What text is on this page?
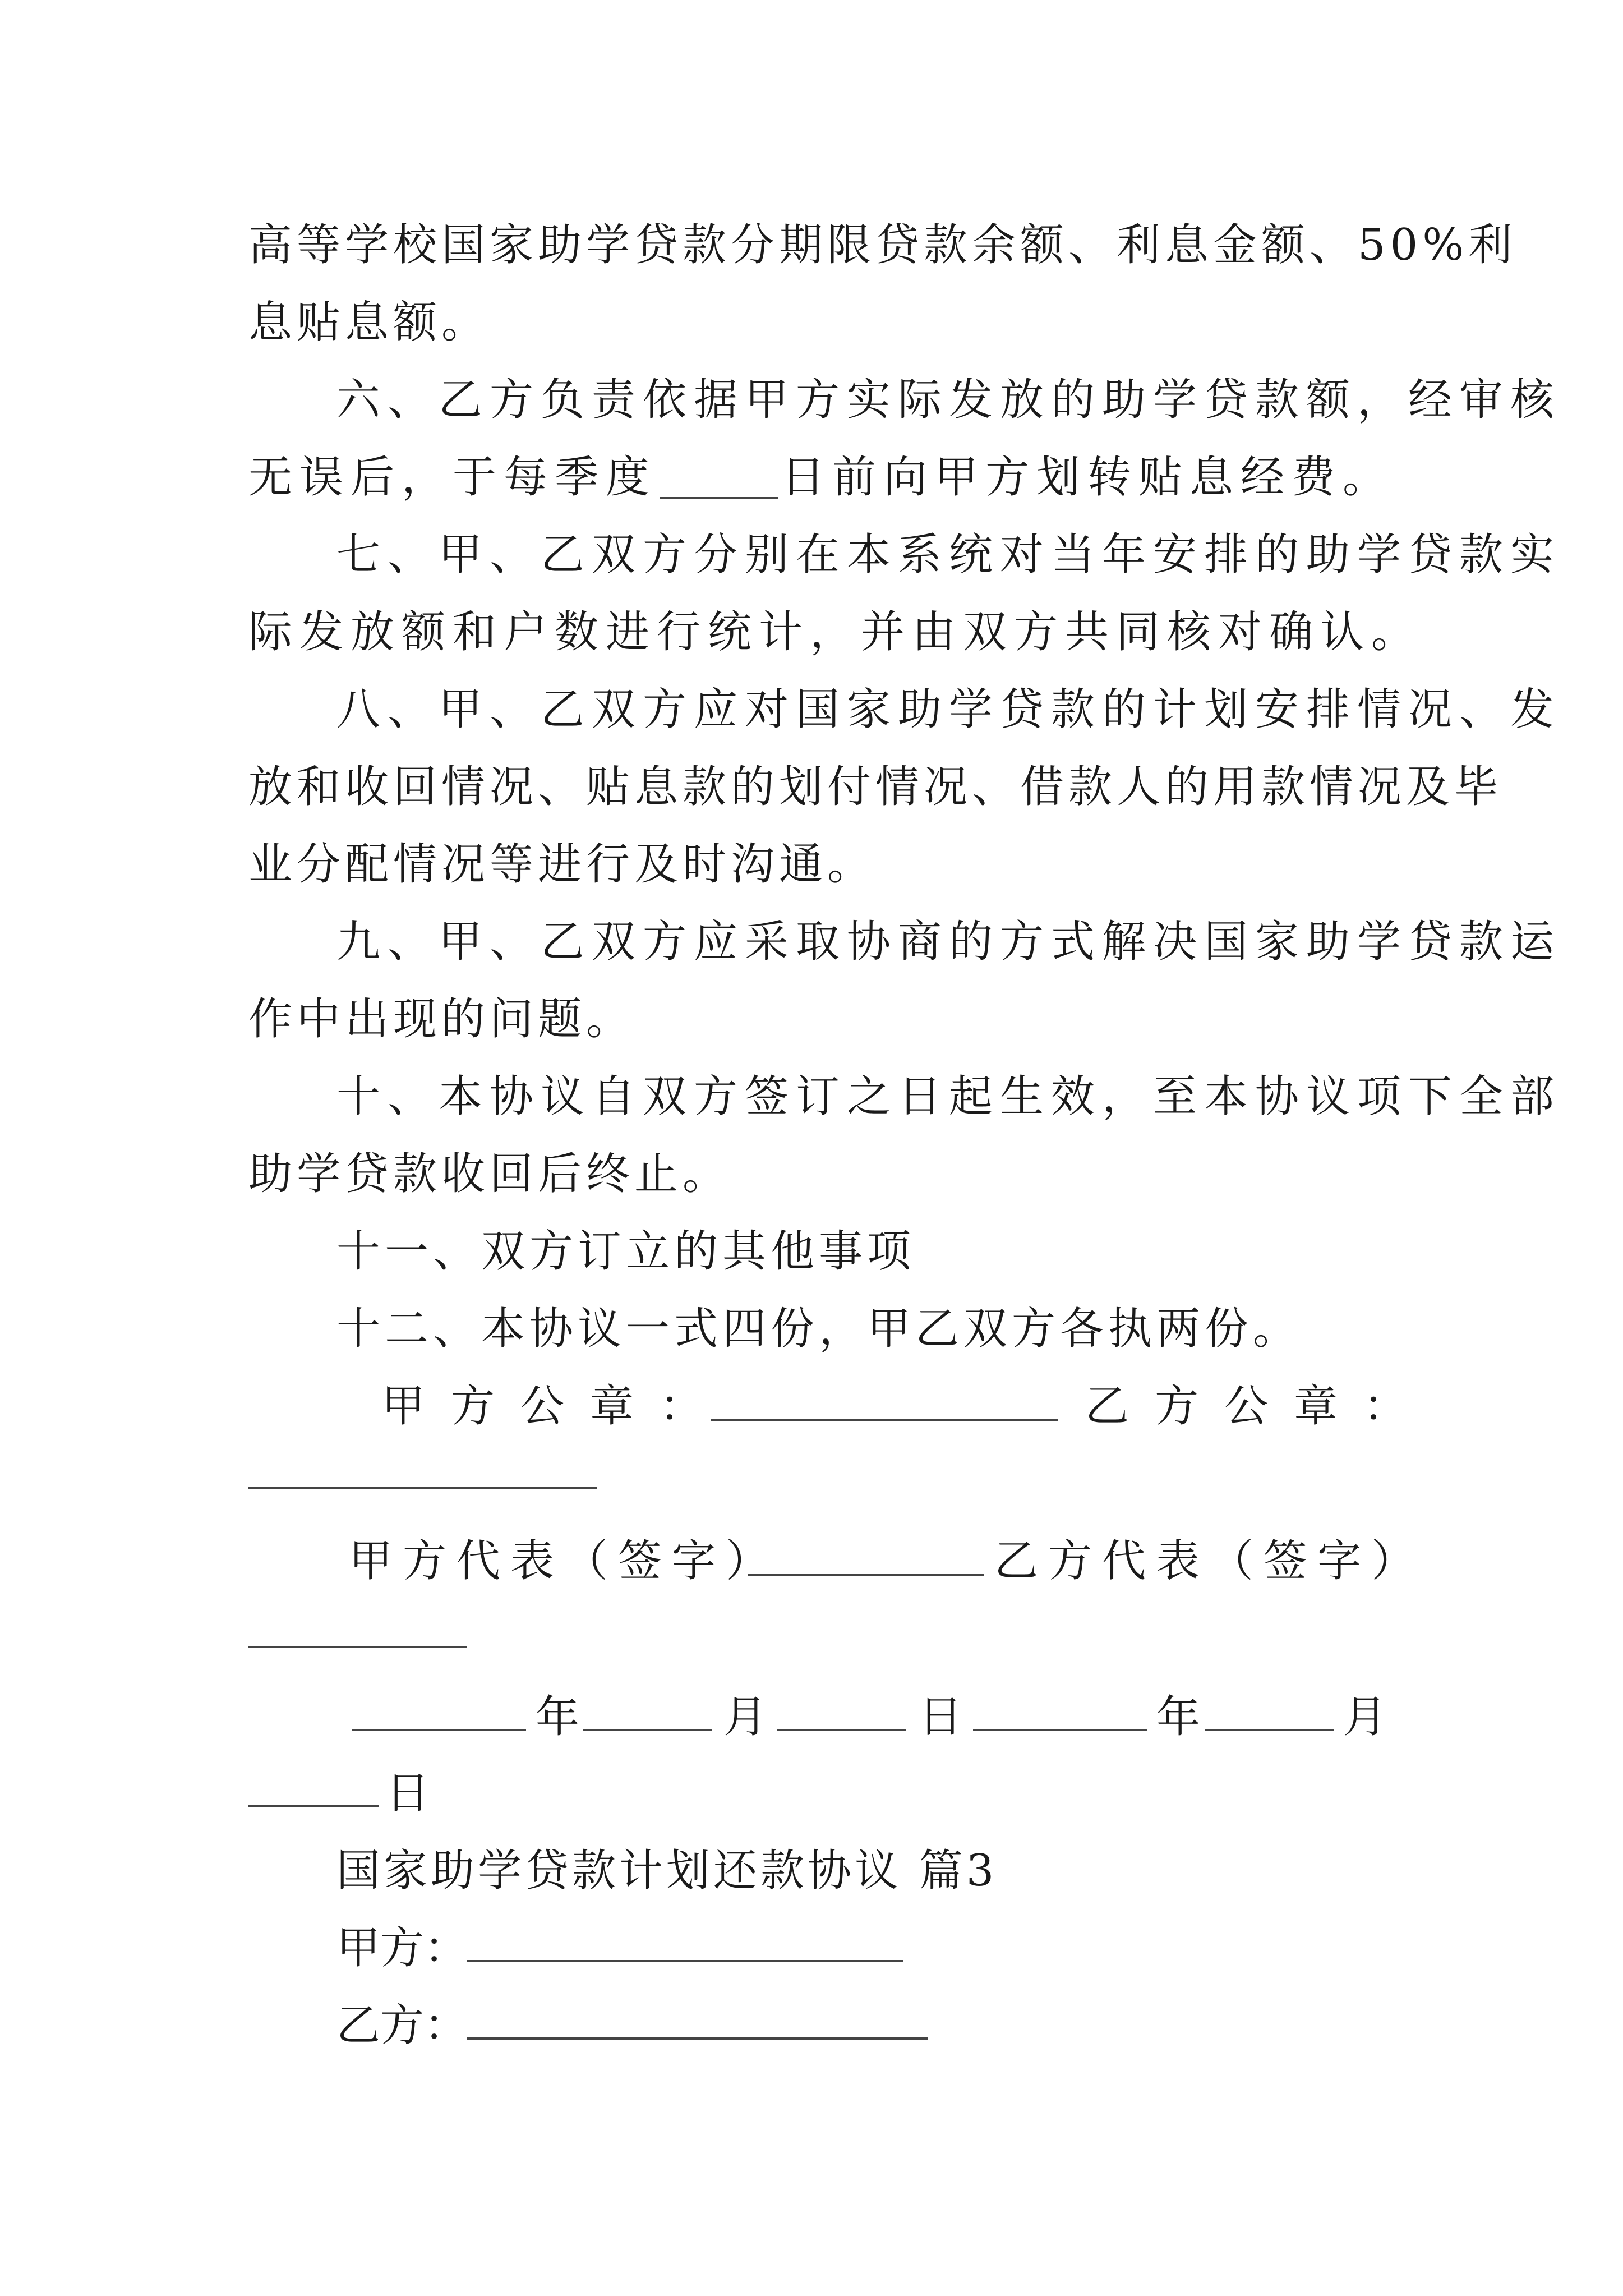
高等学校国家助学贷款分期限贷款余额、利息金额、50%利
息贴息额。
六、乙方负责依据甲方实际发放的助学贷款额，经审核
无误后，于每季度	日前向甲方划转贴息经费。
七、甲、乙双方分别在本系统对当年安排的助学贷款实
际发放额和户数进行统计，并由双方共同核对确认。
八、甲、乙双方应对国家助学贷款的计划安排情况、发
放和收回情况、贴息款的划付情况、借款人的用款情况及毕
业分配情况等进行及时沟通。
九、甲、乙双方应采取协商的方式解决国家助学贷款运
作中出现的问题。
十、本协议自双方签订之日起生效，至本协议项下全部
助学贷款收回后终止。
十一、双方订立的其他事项
十二、本协议一式四份，甲乙双方各执两份。
甲方公章：	乙方公章：
甲方代表（签字）	乙方代表（签字）
年	月	日	年	月
日
国家助学贷款计划还款协议 篇3
甲方：
乙方：
